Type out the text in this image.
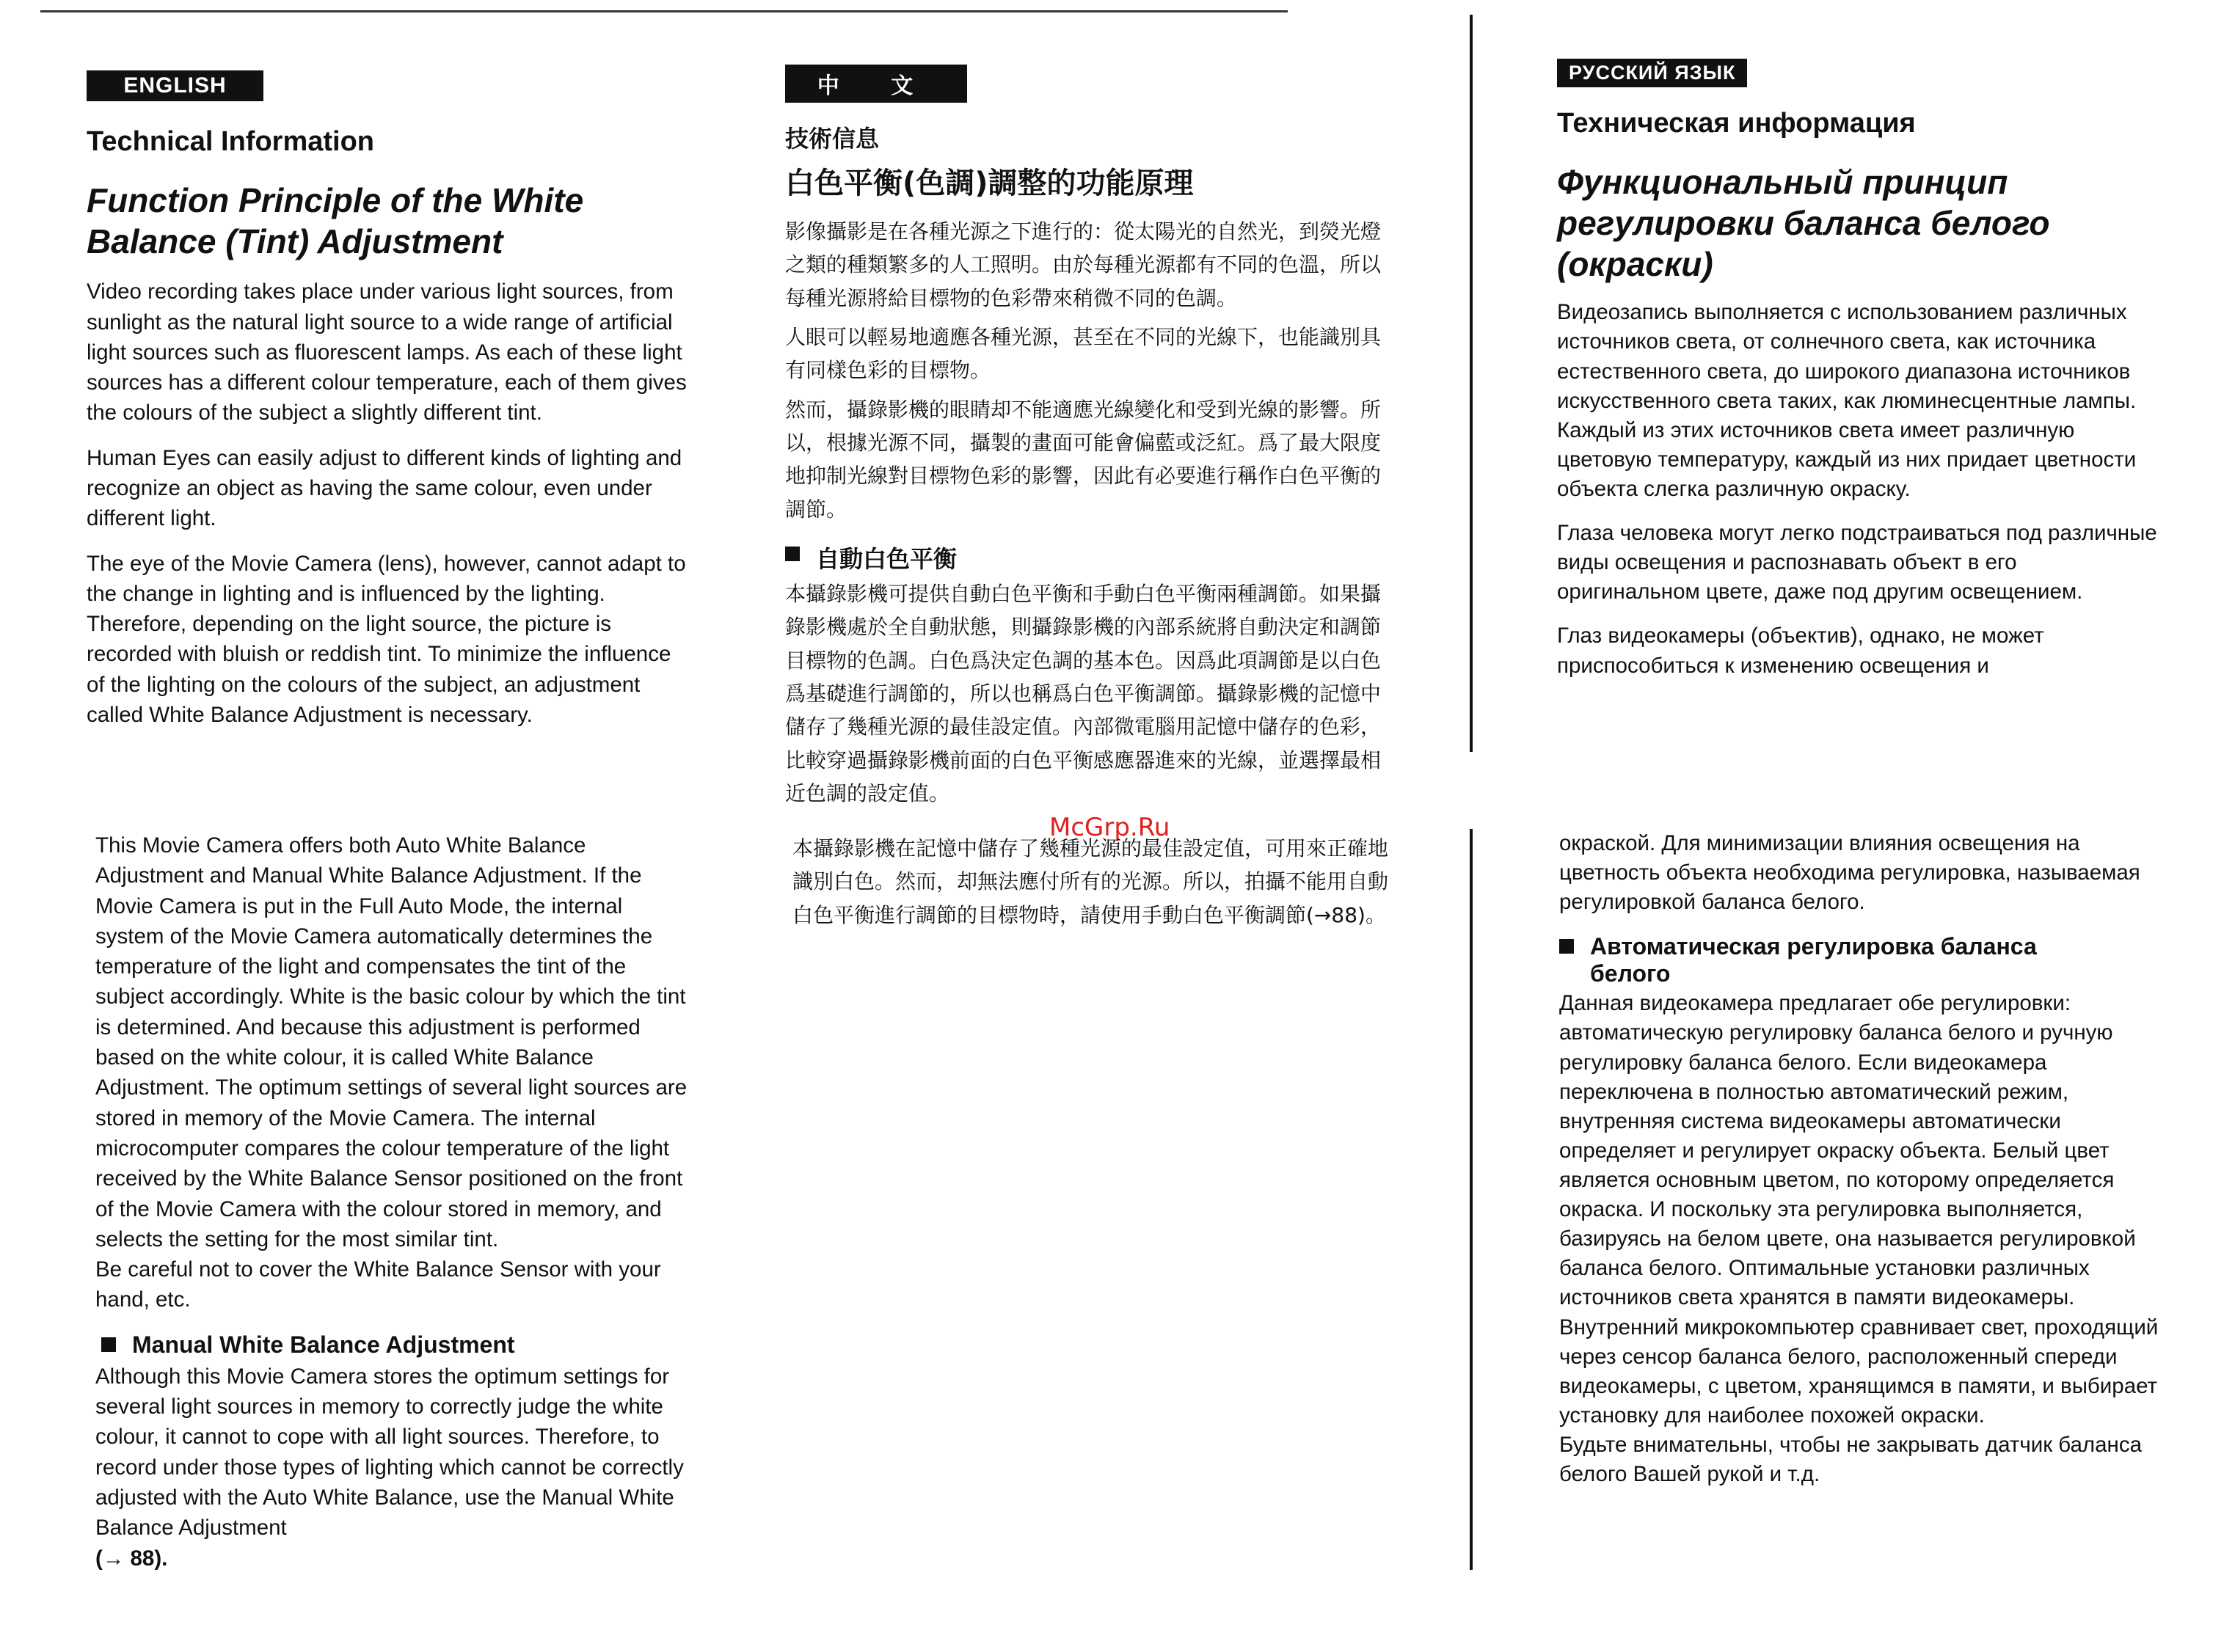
McGrp.Ru
ENGLISH
Technical Information
Function Principle of the White
Balance (Tint) Adjustment

Video recording takes place under various light sources, from sunlight as the natural light source to a wide range of artificial light sources such as fluorescent lamps. As each of these light sources has a different colour temperature, each of them gives the colours of the subject a slightly different tint.

Human Eyes can easily adjust to different kinds of lighting and recognize an object as having the same colour, even under different light.

The eye of the Movie Camera (lens), however, cannot adapt to the change in lighting and is influenced by the lighting. Therefore, depending on the light source, the picture is recorded with bluish or reddish tint. To minimize the influence of the lighting on the colours of the subject, an adjustment called White Balance Adjustment is necessary.

This Movie Camera offers both Auto White Balance Adjustment and Manual White Balance Adjustment. If the Movie Camera is put in the Full Auto Mode, the internal system of the Movie Camera automatically determines the temperature of the light and compensates the tint of the subject accordingly. White is the basic colour by which the tint is determined. And because this adjustment is performed based on the white colour, it is called White Balance Adjustment. The optimum settings of several light sources are stored in memory of the Movie Camera. The internal microcomputer compares the colour temperature of the light received by the White Balance Sensor positioned on the front of the Movie Camera with the colour stored in memory, and selects the setting for the most similar tint.

Be careful not to cover the White Balance Sensor with your hand, etc.

Manual White Balance Adjustment

Although this Movie Camera stores the optimum settings for several light sources in memory to correctly judge the white colour, it cannot to cope with all light sources. Therefore, to record under those types of lighting which cannot be correctly adjusted with the Auto White Balance, use the Manual White Balance Adjustment
(→ 88).

中 文
技術信息
白色平衡(色調)調整的功能原理

影像攝影是在各種光源之下進行的：從太陽光的自然光，到熒光燈之類的種類繁多的人工照明。由於每種光源都有不同的色溫，所以每種光源將給目標物的色彩帶來稍微不同的色調。

人眼可以輕易地適應各種光源，甚至在不同的光線下，也能識別具有同樣色彩的目標物。

然而，攝錄影機的眼睛却不能適應光線變化和受到光線的影響。所以，根據光源不同，攝製的畫面可能會偏藍或泛紅。爲了最大限度地抑制光線對目標物色彩的影響，因此有必要進行稱作白色平衡的調節。

自動白色平衡

本攝錄影機可提供自動白色平衡和手動白色平衡兩種調節。如果攝錄影機處於全自動狀態，則攝錄影機的內部系統將自動決定和調節目標物的色調。白色爲決定色調的基本色。因爲此項調節是以白色爲基礎進行調節的，所以也稱爲白色平衡調節。攝錄影機的記憶中儲存了幾種光源的最佳設定值。內部微電腦用記憶中儲存的色彩，比較穿過攝錄影機前面的白色平衡感應器進來的光線，並選擇最相近色調的設定值。

本攝錄影機在記憶中儲存了幾種光源的最佳設定值，可用來正確地識別白色。然而，却無法應付所有的光源。所以，拍攝不能用自動白色平衡進行調節的目標物時，請使用手動白色平衡調節(→88)。

РУССКИЙ ЯЗЫК
Техническая информация
Функциональный принцип
регулировки баланса белого
(окраски)

Видеозапись выполняется с использованием различных источников света, от солнечного света, как источника естественного света, до широкого диапазона источников искусственного света таких, как люминесцентные лампы. Каждый из этих источников света имеет различную цветовую температуру, каждый из них придает цветности объекта слегка различную окраску.

Глаза человека могут легко подстраиваться под различные виды освещения и распознавать объект в его оригинальном цвете, даже под другим освещением.

Глаз видеокамеры (объектив), однако, не может приспособиться к изменению освещения и

окраской. Для минимизации влияния освещения на цветность объекта необходима регулировка, называемая регулировкой баланса белого.

Автоматическая регулировка баланса
белого

Данная видеокамера предлагает обе регулировки: автоматическую регулировку баланса белого и ручную регулировку баланса белого. Если видеокамера переключена в полностью автоматический режим, внутренняя система видеокамеры автоматически определяет и регулирует окраску объекта. Белый цвет является основным цветом, по которому определяется окраска. И поскольку эта регулировка выполняется, базируясь на белом цвете, она называется регулировкой баланса белого. Оптимальные установки различных источников света хранятся в памяти видеокамеры. Внутренний микрокомпьютер сравнивает свет, проходящий через сенсор баланса белого, расположенный спереди видеокамеры, с цветом, хранящимся в памяти, и выбирает установку для наиболее похожей окраски.

Будьте внимательны, чтобы не закрывать датчик баланса белого Вашей рукой и т.д.
